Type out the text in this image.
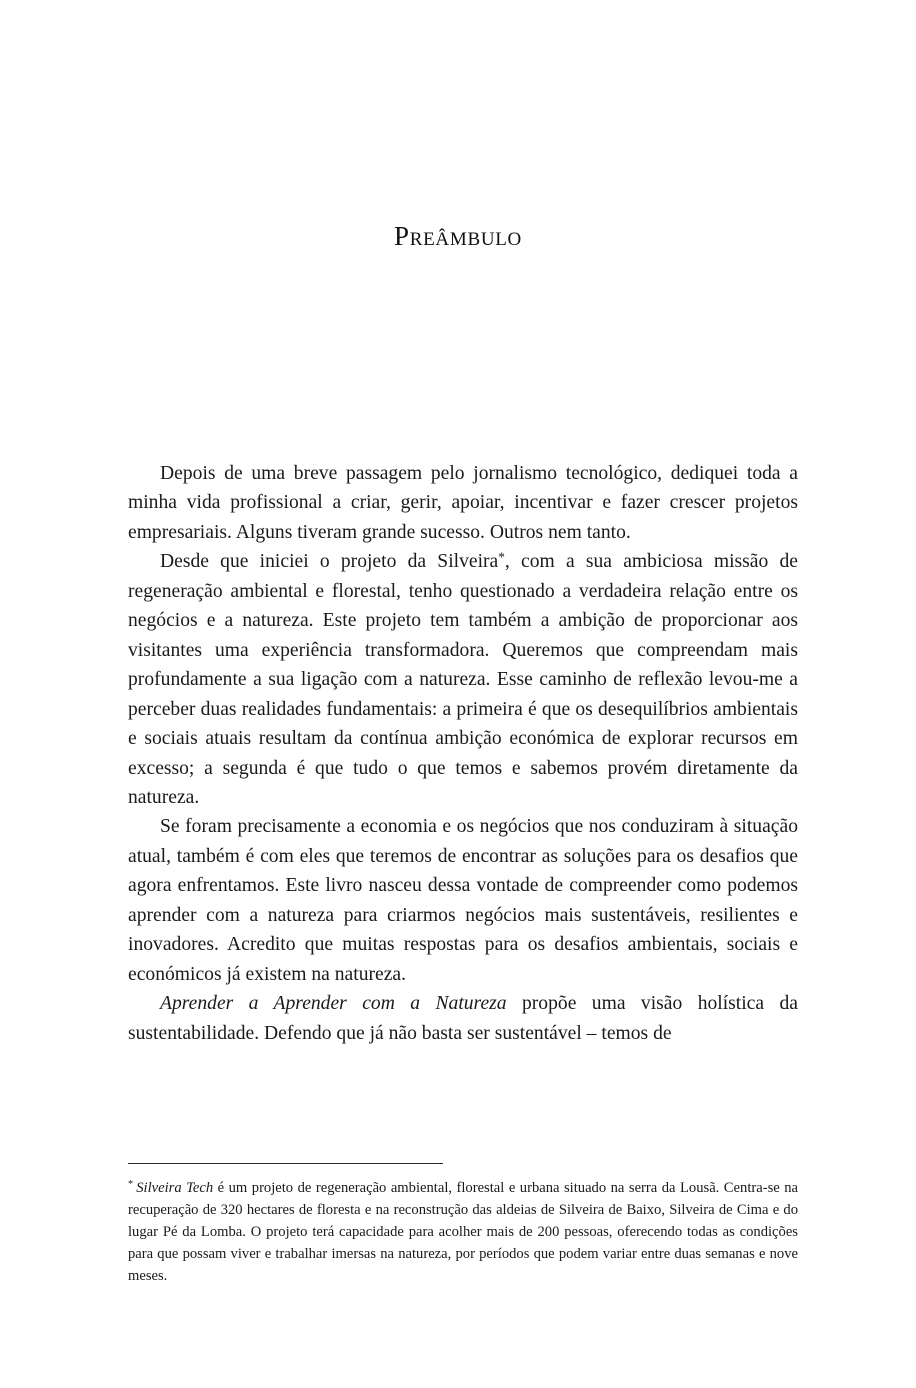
Preâmbulo

Depois de uma breve passagem pelo jornalismo tecnológico, dediquei toda a minha vida profissional a criar, gerir, apoiar, incentivar e fazer crescer projetos empresariais. Alguns tiveram grande sucesso. Outros nem tanto.

Desde que iniciei o projeto da Silveira*, com a sua ambiciosa missão de regeneração ambiental e florestal, tenho questionado a verdadeira relação entre os negócios e a natureza. Este projeto tem também a ambição de proporcionar aos visitantes uma experiência transformadora. Queremos que compreendam mais profundamente a sua ligação com a natureza. Esse caminho de reflexão levou-me a perceber duas realidades fundamentais: a primeira é que os desequilíbrios ambientais e sociais atuais resultam da contínua ambição económica de explorar recursos em excesso; a segunda é que tudo o que temos e sabemos provém diretamente da natureza.

Se foram precisamente a economia e os negócios que nos conduziram à situação atual, também é com eles que teremos de encontrar as soluções para os desafios que agora enfrentamos. Este livro nasceu dessa vontade de compreender como podemos aprender com a natureza para criarmos negócios mais sustentáveis, resilientes e inovadores. Acredito que muitas respostas para os desafios ambientais, sociais e económicos já existem na natureza.

Aprender a Aprender com a Natureza propõe uma visão holística da sustentabilidade. Defendo que já não basta ser sustentável – temos de

* Silveira Tech é um projeto de regeneração ambiental, florestal e urbana situado na serra da Lousã. Centra-se na recuperação de 320 hectares de floresta e na reconstrução das aldeias de Silveira de Baixo, Silveira de Cima e do lugar Pé da Lomba. O projeto terá capacidade para acolher mais de 200 pessoas, oferecendo todas as condições para que possam viver e trabalhar imersas na natureza, por períodos que podem variar entre duas semanas e nove meses.
